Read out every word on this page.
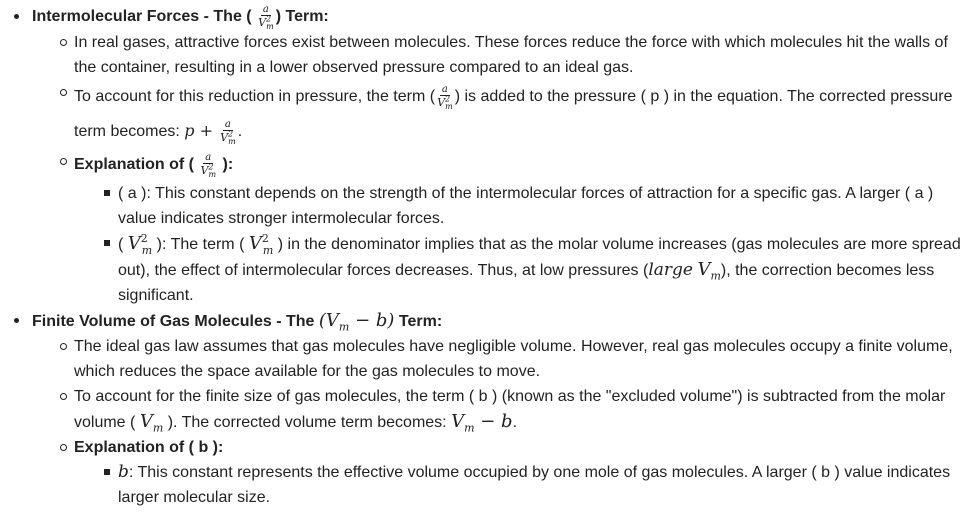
Intermolecular Forces - The ( $\frac{a}{V^2_m}$ ) Term:
In real gases, attractive forces exist between molecules. These forces reduce the force with which molecules hit the walls of the container, resulting in a lower observed pressure compared to an ideal gas.
To account for this reduction in pressure, the term ( $\frac{a}{V^2_m}$ ) is added to the pressure ( p ) in the equation. The corrected pressure term becomes: $p + \frac{a}{V^2_m}$ .
Explanation of ( $\frac{a}{V^2_m}$ ):
( a ): This constant depends on the strength of the intermolecular forces of attraction for a specific gas. A larger ( a ) value indicates stronger intermolecular forces.
( $V^2_m$ ): The term ( $V^2_m$ ) in the denominator implies that as the molar volume increases (gas molecules are more spread out), the effect of intermolecular forces decreases. Thus, at low pressures (large $V_m$), the correction becomes less significant.
Finite Volume of Gas Molecules - The $(V_m - b)$ Term:
The ideal gas law assumes that gas molecules have negligible volume. However, real gas molecules occupy a finite volume, which reduces the space available for the gas molecules to move.
To account for the finite size of gas molecules, the term ( b ) (known as the "excluded volume") is subtracted from the molar volume ( $V_m$ ). The corrected volume term becomes: $V_m - b$.
Explanation of ( b ):
b: This constant represents the effective volume occupied by one mole of gas molecules. A larger ( b ) value indicates larger molecular size.
